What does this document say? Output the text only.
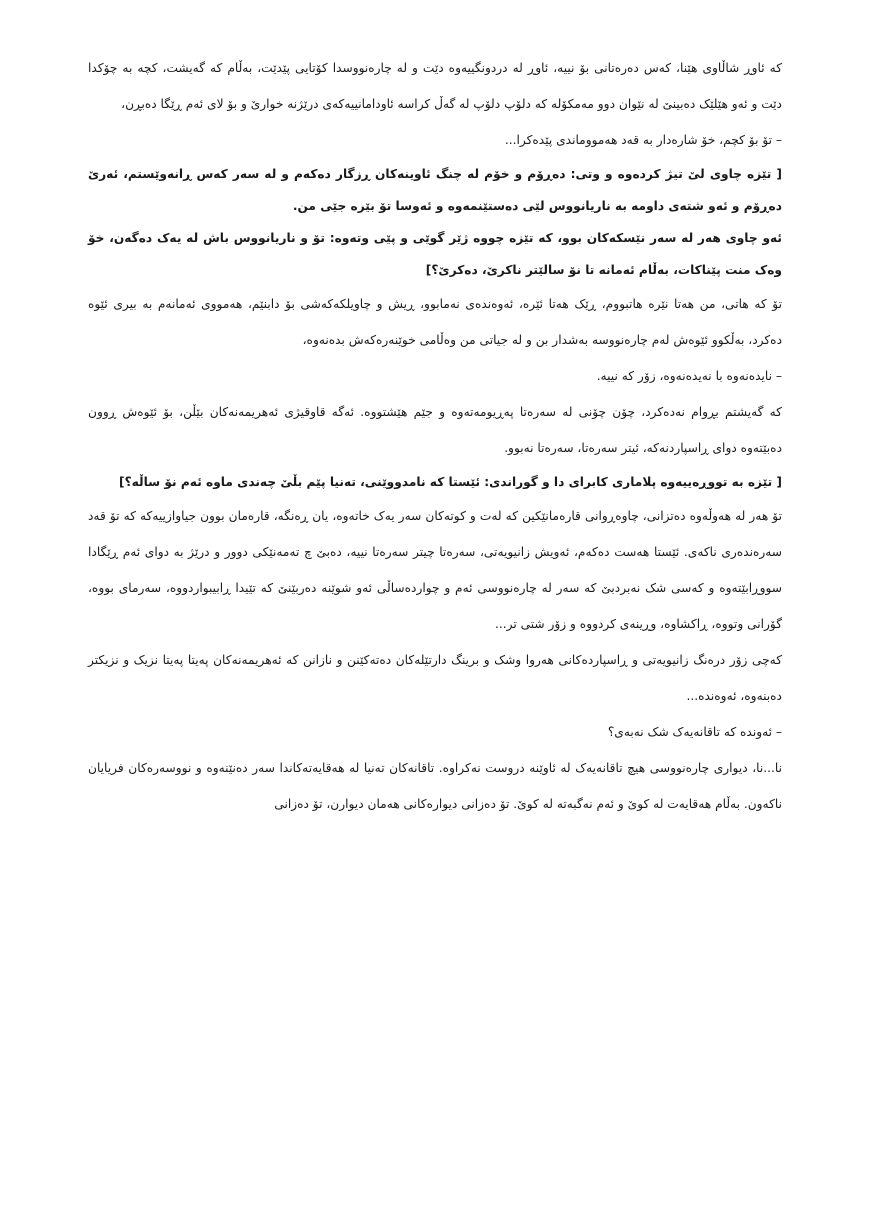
که ئاوڕ شاڵاوی هێنا، کەس دەرەتانی بۆ نییە، ئاوڕ لە دردونگییەوە دێت و لە چارەنووسدا کۆتایی پێدێت، بەڵام کە گەیشت، کچە بە چۆکدا دێت و ئەو هێلێک دەبینێ لە نێوان دوو مەمکۆلە کە دلۆپ دلۆپ لە گەڵ کراسە ئاودامانییەکەی درێژنە خوارێ و بۆ لای ئەم ڕێگا دەبڕن،

– تۆ بۆ کچم، خۆ شارەدار بە قەد هەمووماندی پێدەکرا...

[ تێزە چاوی لێ تیژ کردەوە و وتی: دەڕۆم و خۆم لە چنگ ئاوینەکان ڕزگار دەکەم و لە سەر کەس ڕانەوێستم، ئەرێ دەڕۆم و ئەو شتەی داومە بە ناریانووس لێی دەستێنمەوە و ئەوسا تۆ بێرە جێی من.

ئەو چاوی هەر لە سەر نێسکەکان بوو، کە تێزە چووە ژێر گوێی و پێی وتەوە: تۆ و ناریانووس باش لە یەک دەگەن، خۆ وەک منت پێناکات، بەڵام ئەمانە تا نۆ سالێتر ناکرێ، دەکرێ؟]

تۆ کە هاتی، من هەتا نێرە هاتبووم، ڕێک هەتا ئێرە، ئەوەندەی نەمابوو، ڕیش و چاویلکەکەشی بۆ دابنێم، هەمووی ئەمانەم بە بیری ئێوە دەکرد، بەڵکوو ئێوەش لەم چارەنووسە بەشدار بن و لە جیاتی من وەڵامی خوێنەرەکەش بدەنەوە،

– نایدەنەوە با نەیدەنەوە، زۆر کە نییە.

کە گەیشتم بڕوام نەدەکرد، چۆن چۆنی لە سەرەتا پەڕیومەتەوە و جێم هێشتووە. ئەگە قاوقیژی ئەهریمەنەکان بێڵن، بۆ ئێوەش ڕوون دەبێتەوە دوای ڕاسپاردنەکە، ئیتر سەرەتا، سەرەتا نەبوو.

[ تێزە بە تووڕەییەوە پلاماری کابرای دا و گوراندی: ئێستا کە نامدووێنی، تەنیا پێم بڵێ چەندی ماوە ئەم نۆ ساڵە؟]

تۆ هەر لە هەوڵەوە دەتزانی، چاوەڕوانی قارەمانێکین کە لەت و کوتەکان سەر یەک خاتەوە، یان ڕەنگە، قارەمان بوون جیاوازییەکە کە تۆ قەد سەرەندەری ناکەی. ئێستا هەست دەکەم، ئەویش زانیویەتی، سەرەتا چیتر سەرەتا نییە، دەبێ چ تەمەنێکی دوور و درێژ بە دوای ئەم ڕێگادا سووڕابێتەوە و کەسی شک نەبردبێ کە سەر لە چارەنووسی ئەم و چواردەساڵی ئەو شوێنە دەربێنێ کە تێیدا ڕابیبواردووە، سەرماى بووە، گۆرانی وتووە، ڕاکشاوە، وڕینەی کردووە و زۆر شتی تر...

کەچی زۆر درەنگ زانیویەتی و ڕاسپاردەکانی هەروا وشک و برینگ دارتێلەکان دەتەکێنن و نازانن کە ئەهریمەنەکان پەیتا پەیتا نزیک و نزیکتر دەبنەوە، ئەوەندە...

– ئەوندە کە تاقانەیەک شک نەبەی؟

نا...نا، دیواری چارەنووسی هیچ تاقانەیەک لە ئاوێنە دروست نەکراوە. تاقانەکان تەنیا لە هەقایەتەکاندا سەر دەنێنەوە و نووسەرەکان فریایان ناکەون. بەڵام هەقایەت لە کوێ و ئەم نەگبەتە لە کوێ. تۆ دەزانی دیوارەکانی هەمان دیوارن، تۆ دەزانی
